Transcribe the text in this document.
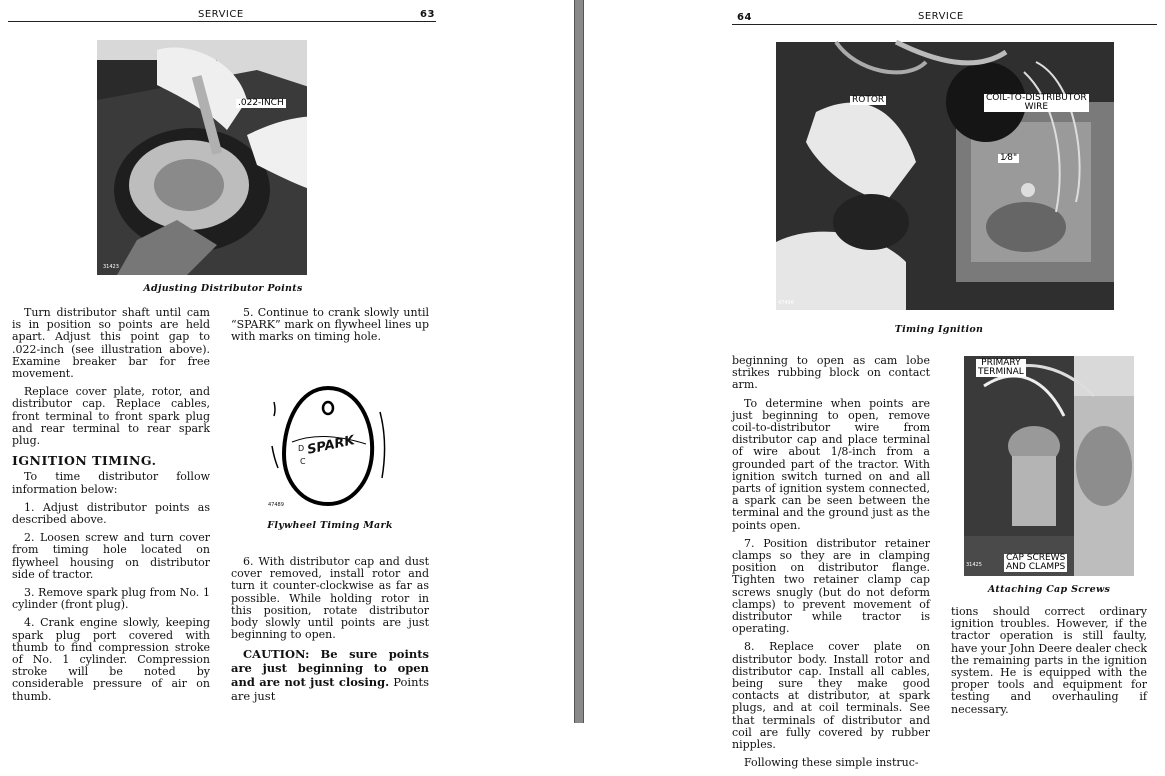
SERVICE	63
.022-INCH
31423
Adjusting Distributor Points

Turn distributor shaft until cam is in position so points are held apart. Adjust this point gap to .022-inch (see illustration above). Examine breaker bar for free movement.

Replace cover plate, rotor, and distributor cap. Replace cables, front terminal to front spark plug and rear terminal to rear spark plug.

IGNITION TIMING.

To time distributor follow information below:

1. Adjust distributor points as described above.

2. Loosen screw and turn cover from timing hole located on flywheel housing on distributor side of tractor.

3. Remove spark plug from No. 1 cylinder (front plug).

4. Crank engine slowly, keeping spark plug port covered with thumb to find compression stroke of No. 1 cylinder. Compression stroke will be noted by considerable pressure of air on thumb.

5. Continue to crank slowly until “SPARK” mark on flywheel lines up with marks on timing hole.

SPARK
D
C
47489
Flywheel Timing Mark

6. With distributor cap and dust cover removed, install rotor and turn it counter-clockwise as far as possible. While holding rotor in this position, rotate distributor body slowly until points are just beginning to open.

CAUTION: Be sure points are just beginning to open and are not just closing. Points are just

64	SERVICE
ROTOR	COIL-TO-DISTRIBUTOR
WIRE
1⁄8"
47496
Timing Ignition

beginning to open as cam lobe strikes rubbing block on contact arm.

To determine when points are just beginning to open, remove coil-to-distributor wire from distributor cap and place terminal of wire about 1/8-inch from a grounded part of the tractor. With ignition switch turned on and all parts of ignition system connected, a spark can be seen between the terminal and the ground just as the points open.

7. Position distributor retainer clamps so they are in clamping position on distributor flange. Tighten two retainer clamp cap screws snugly (but do not deform clamps) to prevent movement of distributor while tractor is operating.

8. Replace cover plate on distributor body. Install rotor and distributor cap. Install all cables, being sure they make good contacts at distributor, at spark plugs, and at coil terminals. See that terminals of distributor and coil are fully covered by rubber nipples.

Following these simple instruc-

PRIMARY
TERMINAL
CAP SCREWS
AND CLAMPS
31425
Attaching Cap Screws

tions should correct ordinary ignition troubles. However, if the tractor operation is still faulty, have your John Deere dealer check the remaining parts in the ignition system. He is equipped with the proper tools and equipment for testing and overhauling if necessary.
